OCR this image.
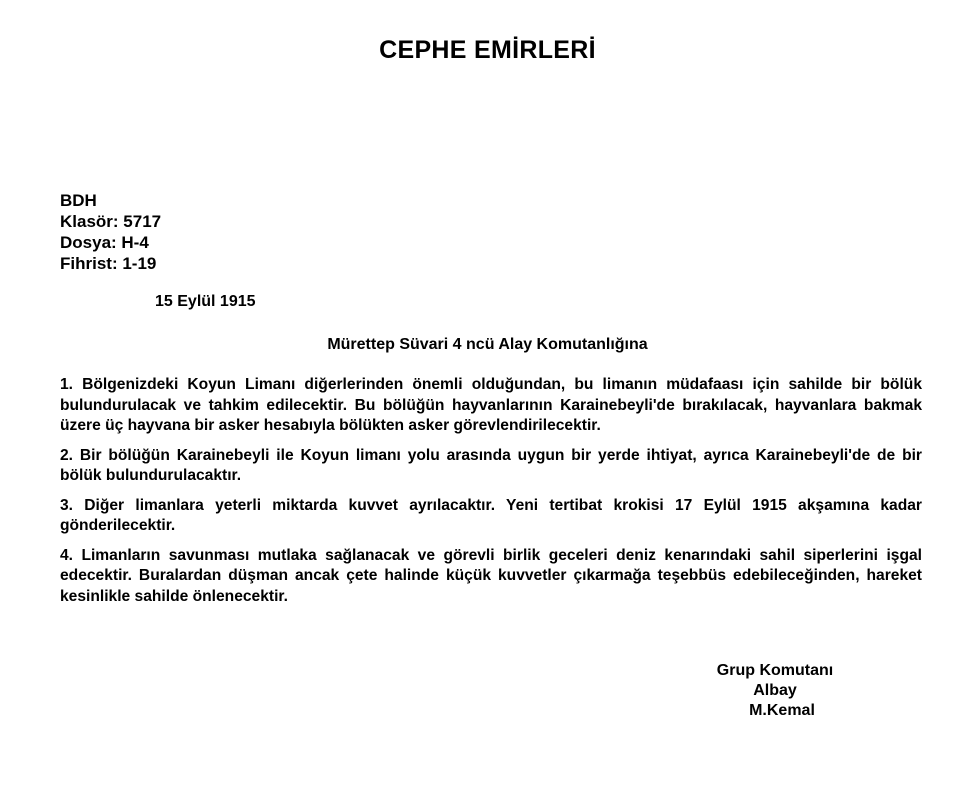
CEPHE EMİRLERİ
BDH
Klasör: 5717
Dosya: H-4
Fihrist: 1-19
15 Eylül 1915
Mürettep Süvari 4 ncü Alay Komutanlığına

1. Bölgenizdeki Koyun Limanı diğerlerinden önemli olduğundan, bu limanın müdafaası için sahilde bir bölük bulundurulacak ve tahkim edilecektir. Bu bölüğün hayvanlarının Karainebeyli'de bırakılacak, hayvanlara bakmak üzere üç hayvana bir asker hesabıyla bölükten asker görevlendirilecektir.

2. Bir bölüğün Karainebeyli ile Koyun limanı yolu arasında uygun bir yerde ihtiyat, ayrıca Karainebeyli'de de bir bölük bulundurulacaktır.

3. Diğer limanlara yeterli miktarda kuvvet ayrılacaktır. Yeni tertibat krokisi 17 Eylül 1915 akşamına kadar gönderilecektir.

4. Limanların savunması mutlaka sağlanacak ve görevli birlik geceleri deniz kenarındaki sahil siperlerini işgal edecektir. Buralardan düşman ancak çete halinde küçük kuvvetler çıkarmağa teşebbüs edebileceğinden, hareket kesinlikle sahilde önlenecektir.

Grup Komutanı
Albay
M.Kemal
